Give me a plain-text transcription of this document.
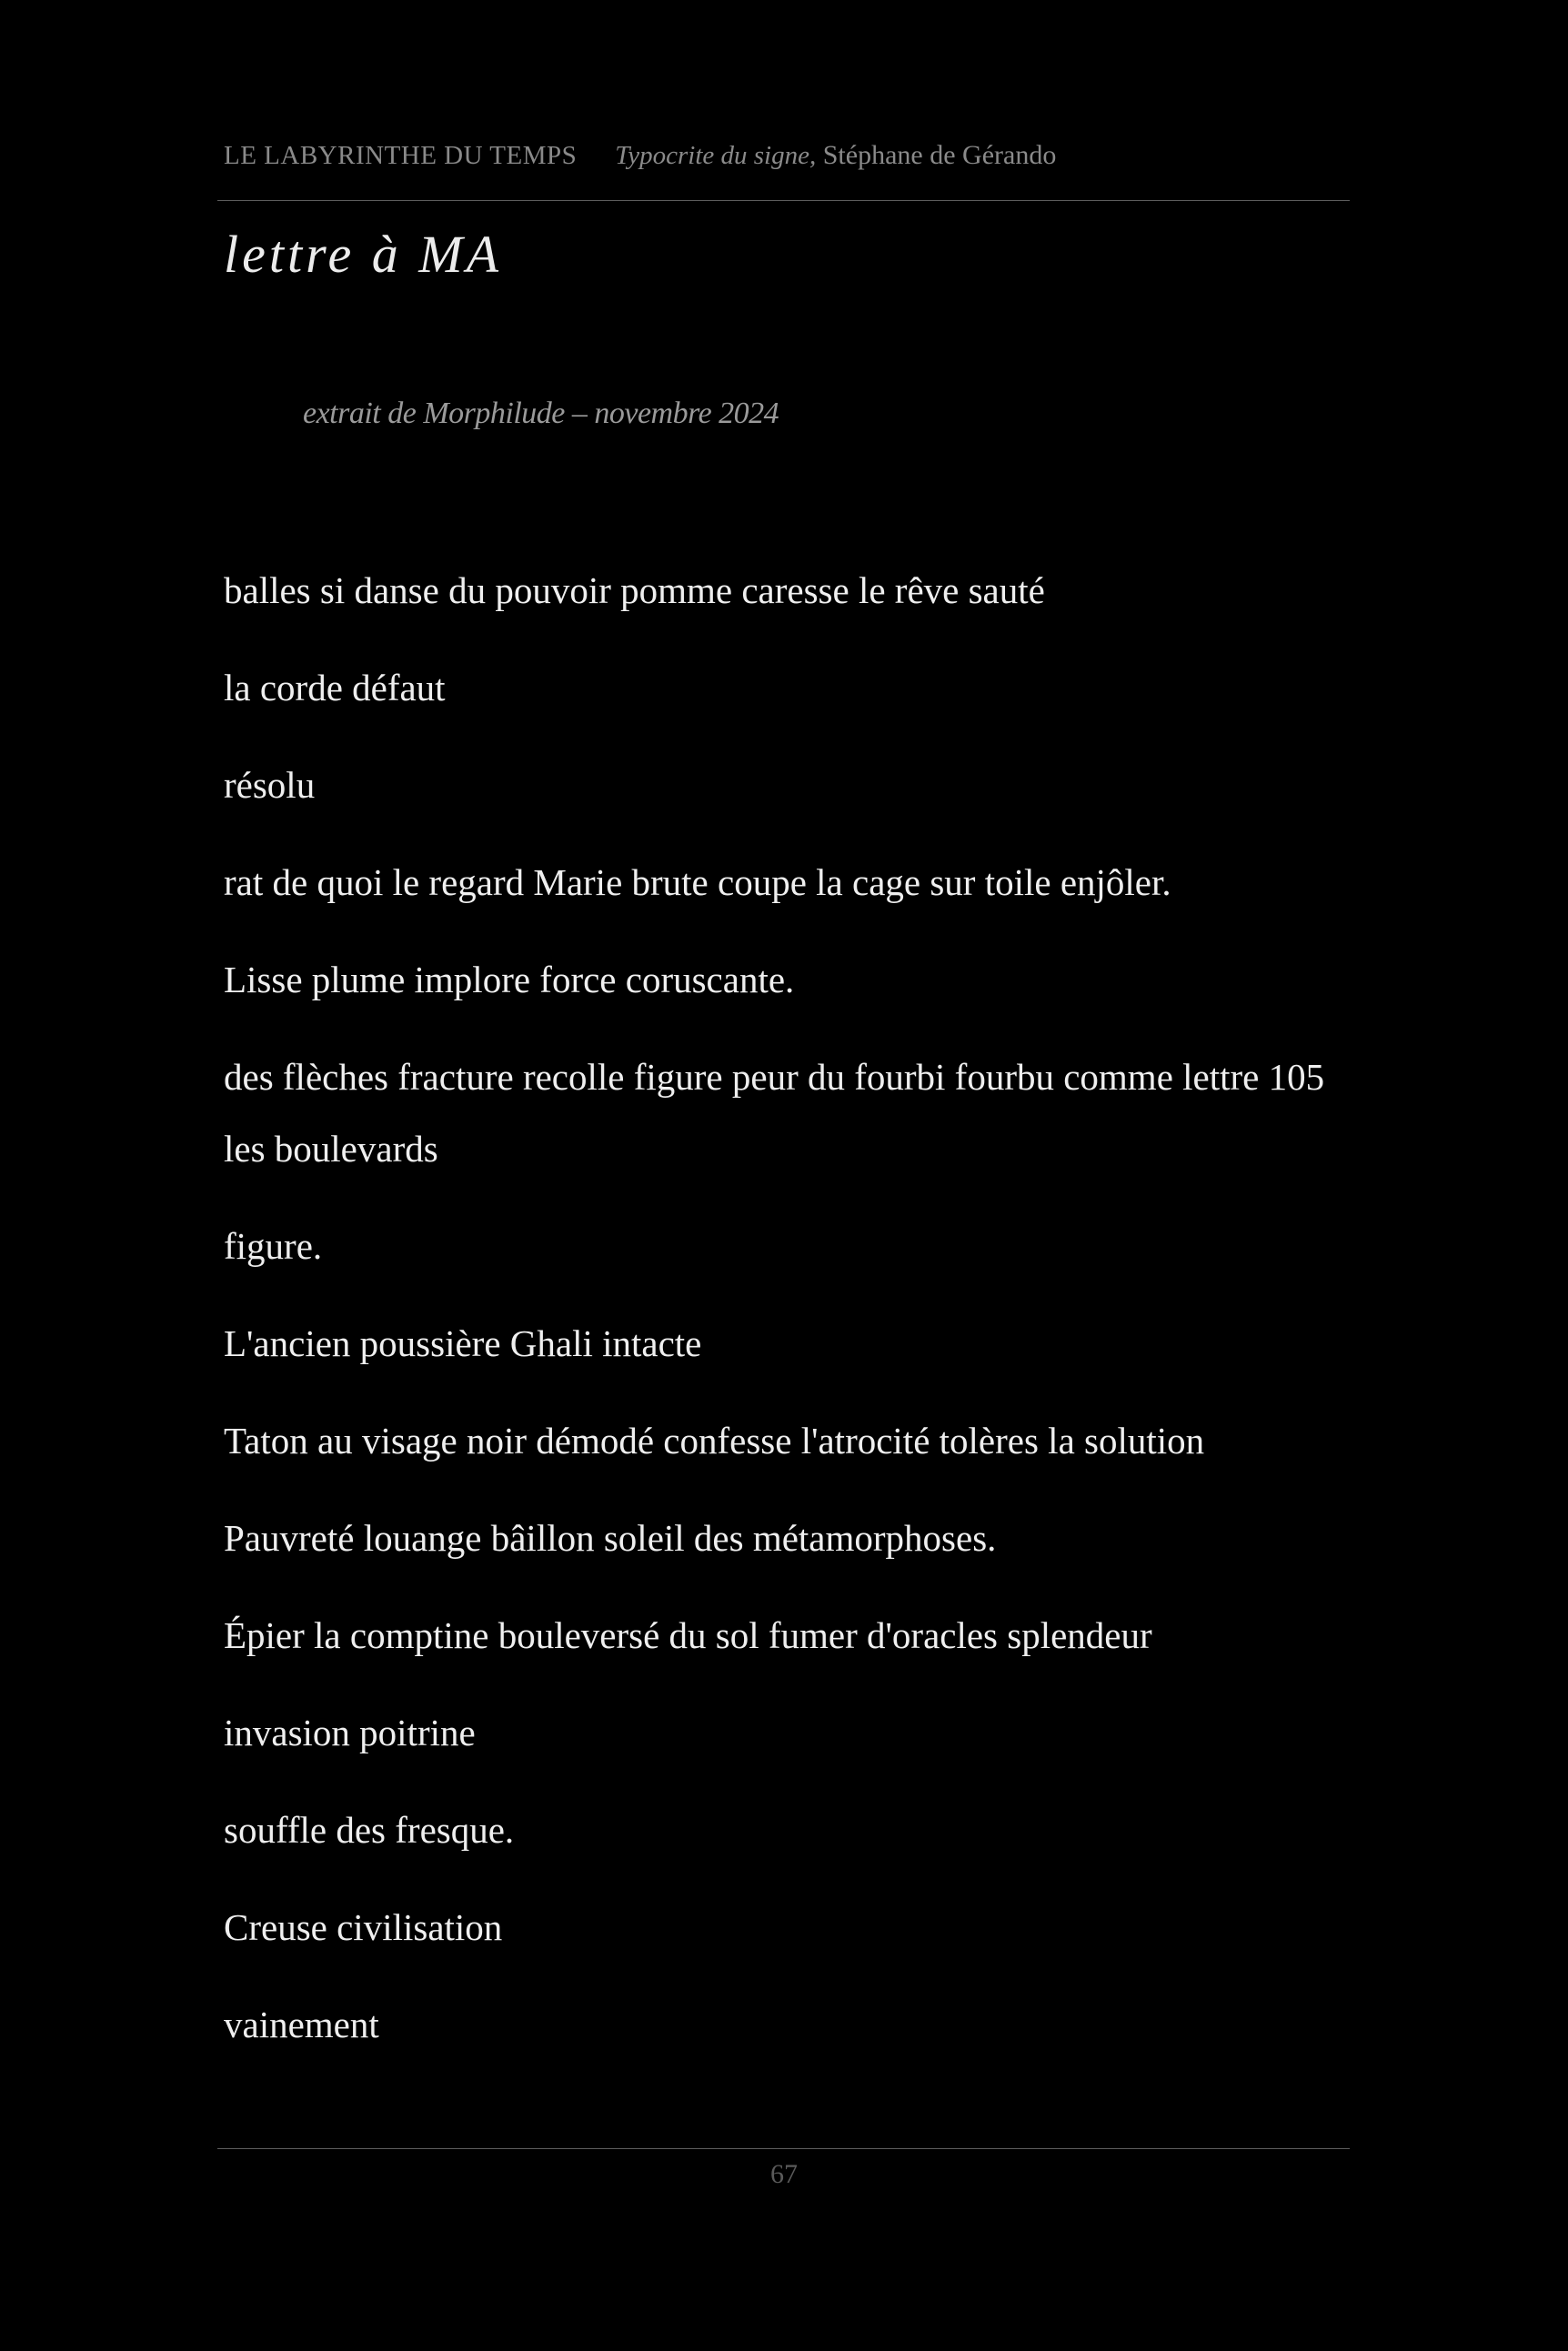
LE LABYRINTHE DU TEMPS Typocrite du signe, Stéphane de Gérando
lettre à MA
extrait de Morphilude – novembre 2024
balles si danse du pouvoir pomme caresse le rêve sauté
la corde défaut
résolu
rat de quoi le regard Marie brute coupe la cage sur toile enjôler.
Lisse plume implore force coruscante.
des flèches fracture recolle figure peur du fourbi fourbu comme lettre 105 les boulevards
figure.
L'ancien poussière Ghali intacte
Taton au visage noir démodé confesse l'atrocité tolères la solution
Pauvreté louange bâillon soleil des métamorphoses.
Épier la comptine bouleversé du sol fumer d'oracles splendeur
invasion poitrine
souffle des fresque.
Creuse civilisation
vainement
67
